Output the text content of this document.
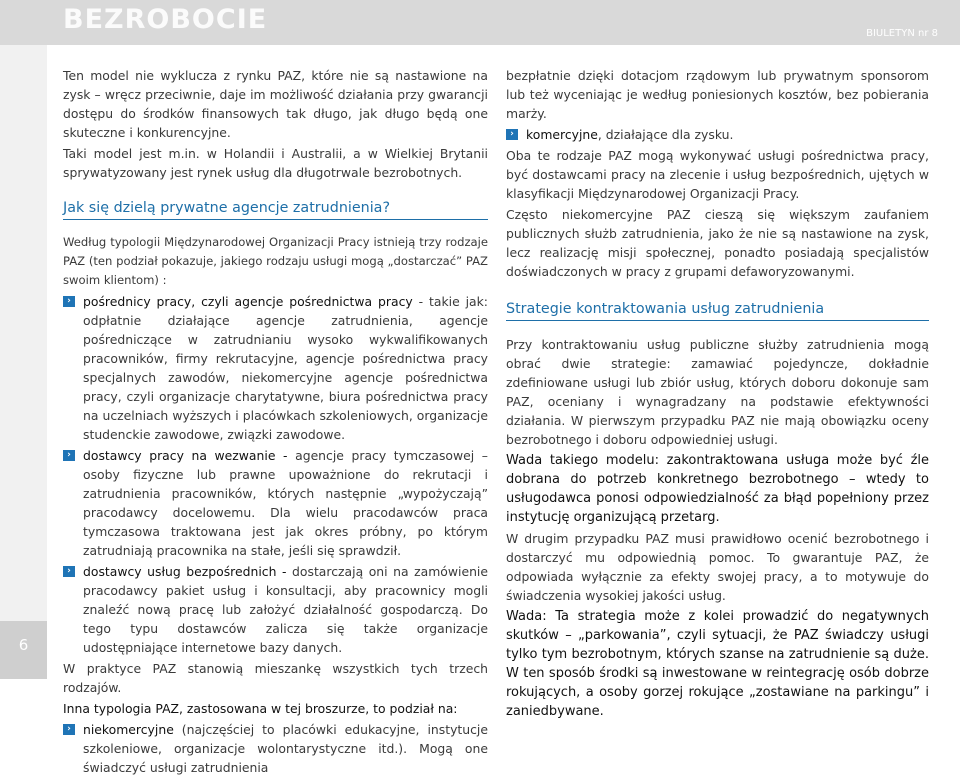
BEZROBOCIE	BIULETYN nr 8
6

Ten model nie wyklucza z rynku PAZ, które nie są nastawione na zysk – wręcz przeciwnie, daje im możliwość działania przy gwarancji dostępu do środków finansowych tak długo, jak długo będą one skuteczne i konkurencyjne.

Taki model jest m.in. w Holandii i Australii, a w Wielkiej Brytanii sprywatyzowany jest rynek usług dla długotrwale bezrobotnych.

Jak się dzielą prywatne agencje zatrudnienia?

Według typologii Międzynarodowej Organizacji Pracy istnieją trzy rodzaje PAZ (ten podział pokazuje, jakiego rodzaju usługi mogą „dostarczać” PAZ swoim klientom) :

› pośrednicy pracy, czyli agencje pośrednictwa pracy - takie jak: odpłatnie działające agencje zatrudnienia, agencje pośredniczące w zatrudnianiu wysoko wykwalifikowanych pracowników, firmy rekrutacyjne, agencje pośrednictwa pracy specjalnych zawodów, niekomercyjne agencje pośrednictwa pracy, czyli organizacje charytatywne, biura pośrednictwa pracy na uczelniach wyższych i placówkach szkoleniowych, organizacje studenckie zawodowe, związki zawodowe.

› dostawcy pracy na wezwanie - agencje pracy tymczasowej – osoby fizyczne lub prawne upoważnione do rekrutacji i zatrudnienia pracowników, których następnie „wypożyczają” pracodawcy docelowemu. Dla wielu pracodawców praca tymczasowa traktowana jest jak okres próbny, po którym zatrudniają pracownika na stałe, jeśli się sprawdził.

› dostawcy usług bezpośrednich - dostarczają oni na zamówienie pracodawcy pakiet usług i konsultacji, aby pracownicy mogli znaleźć nową pracę lub założyć działalność gospodarczą. Do tego typu dostawców zalicza się także organizacje udostępniające internetowe bazy danych.

W praktyce PAZ stanowią mieszankę wszystkich tych trzech rodzajów.

Inna typologia PAZ, zastosowana w tej broszurze, to podział na:

› niekomercyjne (najczęściej to placówki edukacyjne, instytucje szkoleniowe, organizacje wolontarystyczne itd.). Mogą one świadczyć usługi zatrudnienia

bezpłatnie dzięki dotacjom rządowym lub prywatnym sponsorom lub też wyceniając je według poniesionych kosztów, bez pobierania marży.

› komercyjne, działające dla zysku.

Oba te rodzaje PAZ mogą wykonywać usługi pośrednictwa pracy, być dostawcami pracy na zlecenie i usług bezpośrednich, ujętych w klasyfikacji Międzynarodowej Organizacji Pracy.

Często niekomercyjne PAZ cieszą się większym zaufaniem publicznych służb zatrudnienia, jako że nie są nastawione na zysk, lecz realizację misji społecznej, ponadto posiadają specjalistów doświadczonych w pracy z grupami defaworyzowanymi.

Strategie kontraktowania usług zatrudnienia

Przy kontraktowaniu usług publiczne służby zatrudnienia mogą obrać dwie strategie: zamawiać pojedyncze, dokładnie zdefiniowane usługi lub zbiór usług, których doboru dokonuje sam PAZ, oceniany i wynagradzany na podstawie efektywności działania. W pierwszym przypadku PAZ nie mają obowiązku oceny bezrobotnego i doboru odpowiedniej usługi.

Wada takiego modelu: zakontraktowana usługa może być źle dobrana do potrzeb konkretnego bezrobotnego – wtedy to usługodawca ponosi odpowiedzialność za błąd popełniony przez instytucję organizującą przetarg.

W drugim przypadku PAZ musi prawidłowo ocenić bezrobotnego i dostarczyć mu odpowiednią pomoc. To gwarantuje PAZ, że odpowiada wyłącznie za efekty swojej pracy, a to motywuje do świadczenia wysokiej jakości usług.

Wada: Ta strategia może z kolei prowadzić do negatywnych skutków – „parkowania”, czyli sytuacji, że PAZ świadczy usługi tylko tym bezrobotnym, których szanse na zatrudnienie są duże. W ten sposób środki są inwestowane w reintegrację osób dobrze rokujących, a osoby gorzej rokujące „zostawiane na parkingu” i zaniedbywane.
